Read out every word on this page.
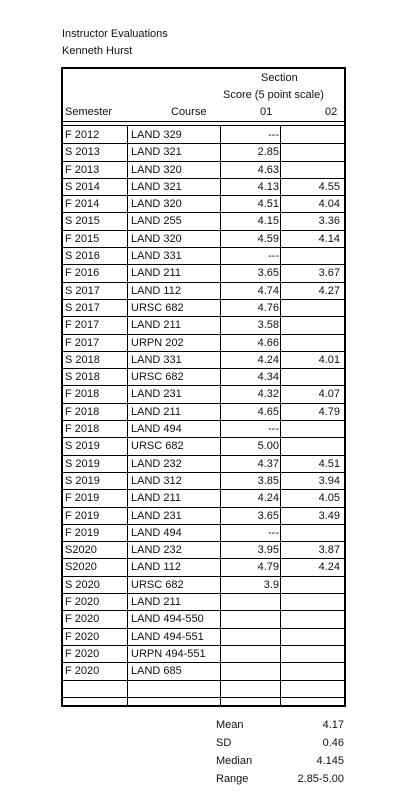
Instructor Evaluations
Kenneth Hurst
Section
Score (5 point scale)
Semester	Course	01	02
F 2012	LAND 329	---
S 2013	LAND 321	2.85
F 2013	LAND 320	4.63
S 2014	LAND 321	4.13	4.55
F 2014	LAND 320	4.51	4.04
S 2015	LAND 255	4.15	3.36
F 2015	LAND 320	4.59	4.14
S 2016	LAND 331	---
F 2016	LAND 211	3.65	3.67
S 2017	LAND 112	4.74	4.27
S 2017	URSC 682	4.76
F 2017	LAND 211	3.58
F 2017	URPN 202	4.66
S 2018	LAND 331	4.24	4.01
S 2018	URSC 682	4.34
F 2018	LAND 231	4.32	4.07
F 2018	LAND 211	4.65	4.79
F 2018	LAND 494	---
S 2019	URSC 682	5.00
S 2019	LAND 232	4.37	4.51
S 2019	LAND 312	3.85	3.94
F 2019	LAND 211	4.24	4.05
F 2019	LAND 231	3.65	3.49
F 2019	LAND 494	---
S2020	LAND 232	3.95	3.87
S2020	LAND 112	4.79	4.24
S 2020	URSC 682	3.9
F 2020	LAND 211
F 2020	LAND 494-550
F 2020	LAND 494-551
F 2020	URPN 494-551
F 2020	LAND 685
Mean	4.17
SD	0.46
Median	4.145
Range	2.85-5.00
